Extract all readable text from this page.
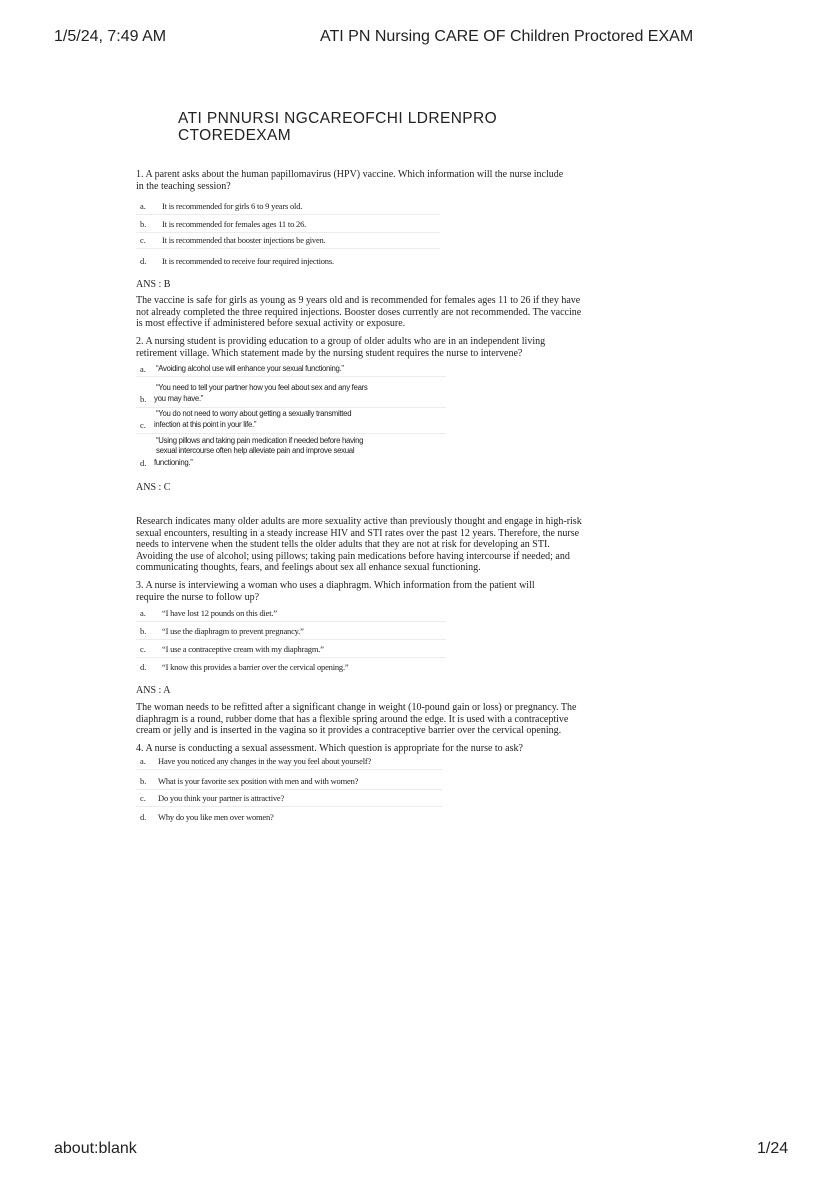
1/5/24, 7:49 AM	ATI PN Nursing CARE OF Children Proctored EXAM
ATI PNNURSI NGCAREOFCHI LDRENPRO
CTOREDEXAM
1. A parent asks about the human papillomavirus (HPV) vaccine. Which information will the nurse include
in the teaching session?
a. It is recommended for girls 6 to 9 years old.
b. It is recommended for females ages 11 to 26.
c. It is recommended that booster injections be given.
d. It is recommended to receive four required injections.
ANS : B
The vaccine is safe for girls as young as 9 years old and is recommended for females ages 11 to 26 if they have
not already completed the three required injections. Booster doses currently are not recommended. The vaccine
is most effective if administered before sexual activity or exposure.
2. A nursing student is providing education to a group of older adults who are in an independent living
retirement village. Which statement made by the nursing student requires the nurse to intervene?
a. “Avoiding alcohol use will enhance your sexual functioning.”
“You need to tell your partner how you feel about sex and any fears
b. you may have.”
“You do not need to worry about getting a sexually transmitted
c. infection at this point in your life.”
“Using pillows and taking pain medication if needed before having
sexual intercourse often help alleviate pain and improve sexual
d. functioning.”
ANS : C
Research indicates many older adults are more sexuality active than previously thought and engage in high-risk
sexual encounters, resulting in a steady increase HIV and STI rates over the past 12 years. Therefore, the nurse
needs to intervene when the student tells the older adults that they are not at risk for developing an STI.
Avoiding the use of alcohol; using pillows; taking pain medications before having intercourse if needed; and
communicating thoughts, fears, and feelings about sex all enhance sexual functioning.
3. A nurse is interviewing a woman who uses a diaphragm. Which information from the patient will
require the nurse to follow up?
a. “I have lost 12 pounds on this diet.”
b. “I use the diaphragm to prevent pregnancy.”
c. “I use a contraceptive cream with my diaphragm.”
d. “I know this provides a barrier over the cervical opening.”
ANS : A
The woman needs to be refitted after a significant change in weight (10-pound gain or loss) or pregnancy. The
diaphragm is a round, rubber dome that has a flexible spring around the edge. It is used with a contraceptive
cream or jelly and is inserted in the vagina so it provides a contraceptive barrier over the cervical opening.
4. A nurse is conducting a sexual assessment. Which question is appropriate for the nurse to ask?
a. Have you noticed any changes in the way you feel about yourself?
b. What is your favorite sex position with men and with women?
c. Do you think your partner is attractive?
d. Why do you like men over women?
about:blank	1/24
